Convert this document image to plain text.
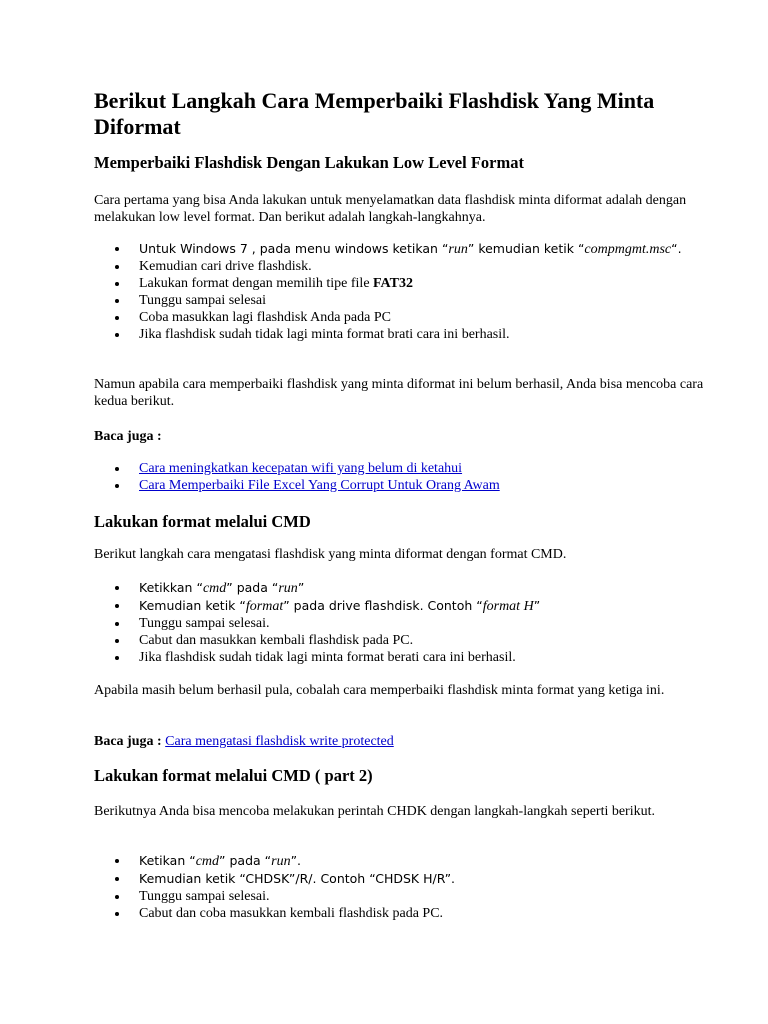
Berikut Langkah Cara Memperbaiki Flashdisk Yang Minta Diformat
Memperbaiki Flashdisk Dengan Lakukan Low Level Format

Cara pertama yang bisa Anda lakukan untuk menyelamatkan data flashdisk minta diformat adalah dengan melakukan low level format. Dan berikut adalah langkah-langkahnya.

Untuk Windows 7 , pada menu windows ketikan “run” kemudian ketik “compmgmt.msc“.
Kemudian cari drive flashdisk.
Lakukan format dengan memilih tipe file FAT32
Tunggu sampai selesai
Coba masukkan lagi flashdisk Anda pada PC
Jika flashdisk sudah tidak lagi minta format brati cara ini berhasil.

Namun apabila cara memperbaiki flashdisk yang minta diformat ini belum berhasil, Anda bisa mencoba cara kedua berikut.

Baca juga :

Cara meningkatkan kecepatan wifi yang belum di ketahui
Cara Memperbaiki File Excel Yang Corrupt Untuk Orang Awam
Lakukan format melalui CMD

Berikut langkah cara mengatasi flashdisk yang minta diformat dengan format CMD.

Ketikkan “cmd” pada “run”
Kemudian ketik “format” pada drive flashdisk. Contoh “format H”
Tunggu sampai selesai.
Cabut dan masukkan kembali flashdisk pada PC.
Jika flashdisk sudah tidak lagi minta format berati cara ini berhasil.

Apabila masih belum berhasil pula, cobalah cara memperbaiki flashdisk minta format yang ketiga ini.

Baca juga : Cara mengatasi flashdisk write protected

Lakukan format melalui CMD ( part 2)

Berikutnya Anda bisa mencoba melakukan perintah CHDK dengan langkah-langkah seperti berikut.

Ketikan “cmd” pada “run”.
Kemudian ketik “CHDSK”/R/. Contoh “CHDSK H/R”.
Tunggu sampai selesai.
Cabut dan coba masukkan kembali flashdisk pada PC.
